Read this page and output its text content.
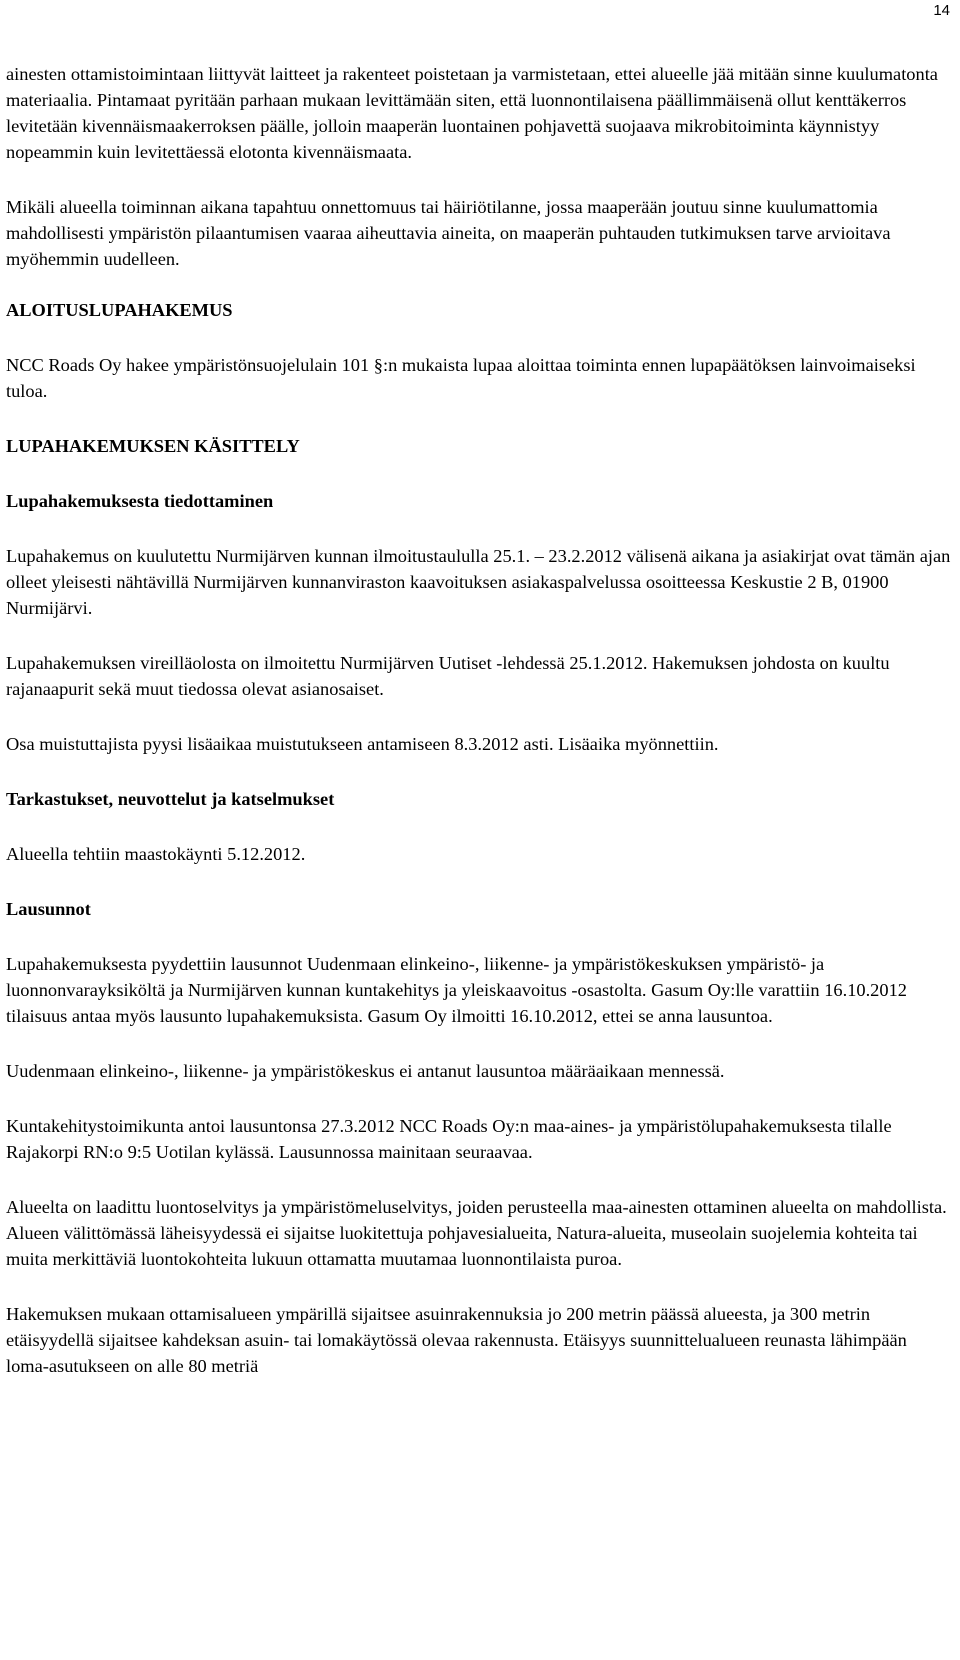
14

ainesten ottamistoimintaan liittyvät laitteet ja rakenteet poistetaan ja varmistetaan, ettei alueelle jää mitään sinne kuulumatonta materiaalia. Pintamaat pyritään parhaan mukaan levittämään siten, että luonnontilaisena päällimmäisenä ollut kenttäkerros levitetään kivennäismaakerroksen päälle, jolloin maaperän luontainen pohjavettä suojaava mikrobitoiminta käynnistyy nopeammin kuin levitettäessä elotonta kivennäismaata.

Mikäli alueella toiminnan aikana tapahtuu onnettomuus tai häiriötilanne, jossa maaperään joutuu sinne kuulumattomia mahdollisesti ympäristön pilaantumisen vaaraa aiheuttavia aineita, on maaperän puhtauden tutkimuksen tarve arvioitava myöhemmin uudelleen.

ALOITUSLUPAHAKEMUS

NCC Roads Oy hakee ympäristönsuojelulain 101 §:n mukaista lupaa aloittaa toiminta ennen lupapäätöksen lainvoimaiseksi tuloa.

LUPAHAKEMUKSEN KÄSITTELY
Lupahakemuksesta tiedottaminen

Lupahakemus on kuulutettu Nurmijärven kunnan ilmoitustaululla 25.1. – 23.2.2012 välisenä aikana ja asiakirjat ovat tämän ajan olleet yleisesti nähtävillä Nurmijärven kunnanviraston kaavoituksen asiakaspalvelussa osoitteessa Keskustie 2 B, 01900 Nurmijärvi.

Lupahakemuksen vireilläolosta on ilmoitettu Nurmijärven Uutiset -lehdessä 25.1.2012. Hakemuksen johdosta on kuultu rajanaapurit sekä muut tiedossa olevat asianosaiset.

Osa muistuttajista pyysi lisäaikaa muistutukseen antamiseen 8.3.2012 asti. Lisäaika myönnettiin.

Tarkastukset, neuvottelut ja katselmukset

Alueella tehtiin maastokäynti 5.12.2012.

Lausunnot

Lupahakemuksesta pyydettiin lausunnot Uudenmaan elinkeino-, liikenne- ja ympäristökeskuksen ympäristö- ja luonnonvarayksiköltä ja Nurmijärven kunnan kuntakehitys ja yleiskaavoitus -osastolta. Gasum Oy:lle varattiin 16.10.2012 tilaisuus antaa myös lausunto lupahakemuksista. Gasum Oy ilmoitti 16.10.2012, ettei se anna lausuntoa.

Uudenmaan elinkeino-, liikenne- ja ympäristökeskus ei antanut lausuntoa määräaikaan mennessä.

Kuntakehitystoimikunta antoi lausuntonsa 27.3.2012 NCC Roads Oy:n maa-aines- ja ympäristölupahakemuksesta tilalle Rajakorpi RN:o 9:5 Uotilan kylässä. Lausunnossa mainitaan seuraavaa.

Alueelta on laadittu luontoselvitys ja ympäristömeluselvitys, joiden perusteella maa-ainesten ottaminen alueelta on mahdollista. Alueen välittömässä läheisyydessä ei sijaitse luokitettuja pohjavesialueita, Natura-alueita, museolain suojelemia kohteita tai muita merkittäviä luontokohteita lukuun ottamatta muutamaa luonnontilaista puroa.

Hakemuksen mukaan ottamisalueen ympärillä sijaitsee asuinrakennuksia jo 200 metrin päässä alueesta, ja 300 metrin etäisyydellä sijaitsee kahdeksan asuin- tai lomakäytössä olevaa rakennusta. Etäisyys suunnittelualueen reunasta lähimpään loma-asutukseen on alle 80 metriä
